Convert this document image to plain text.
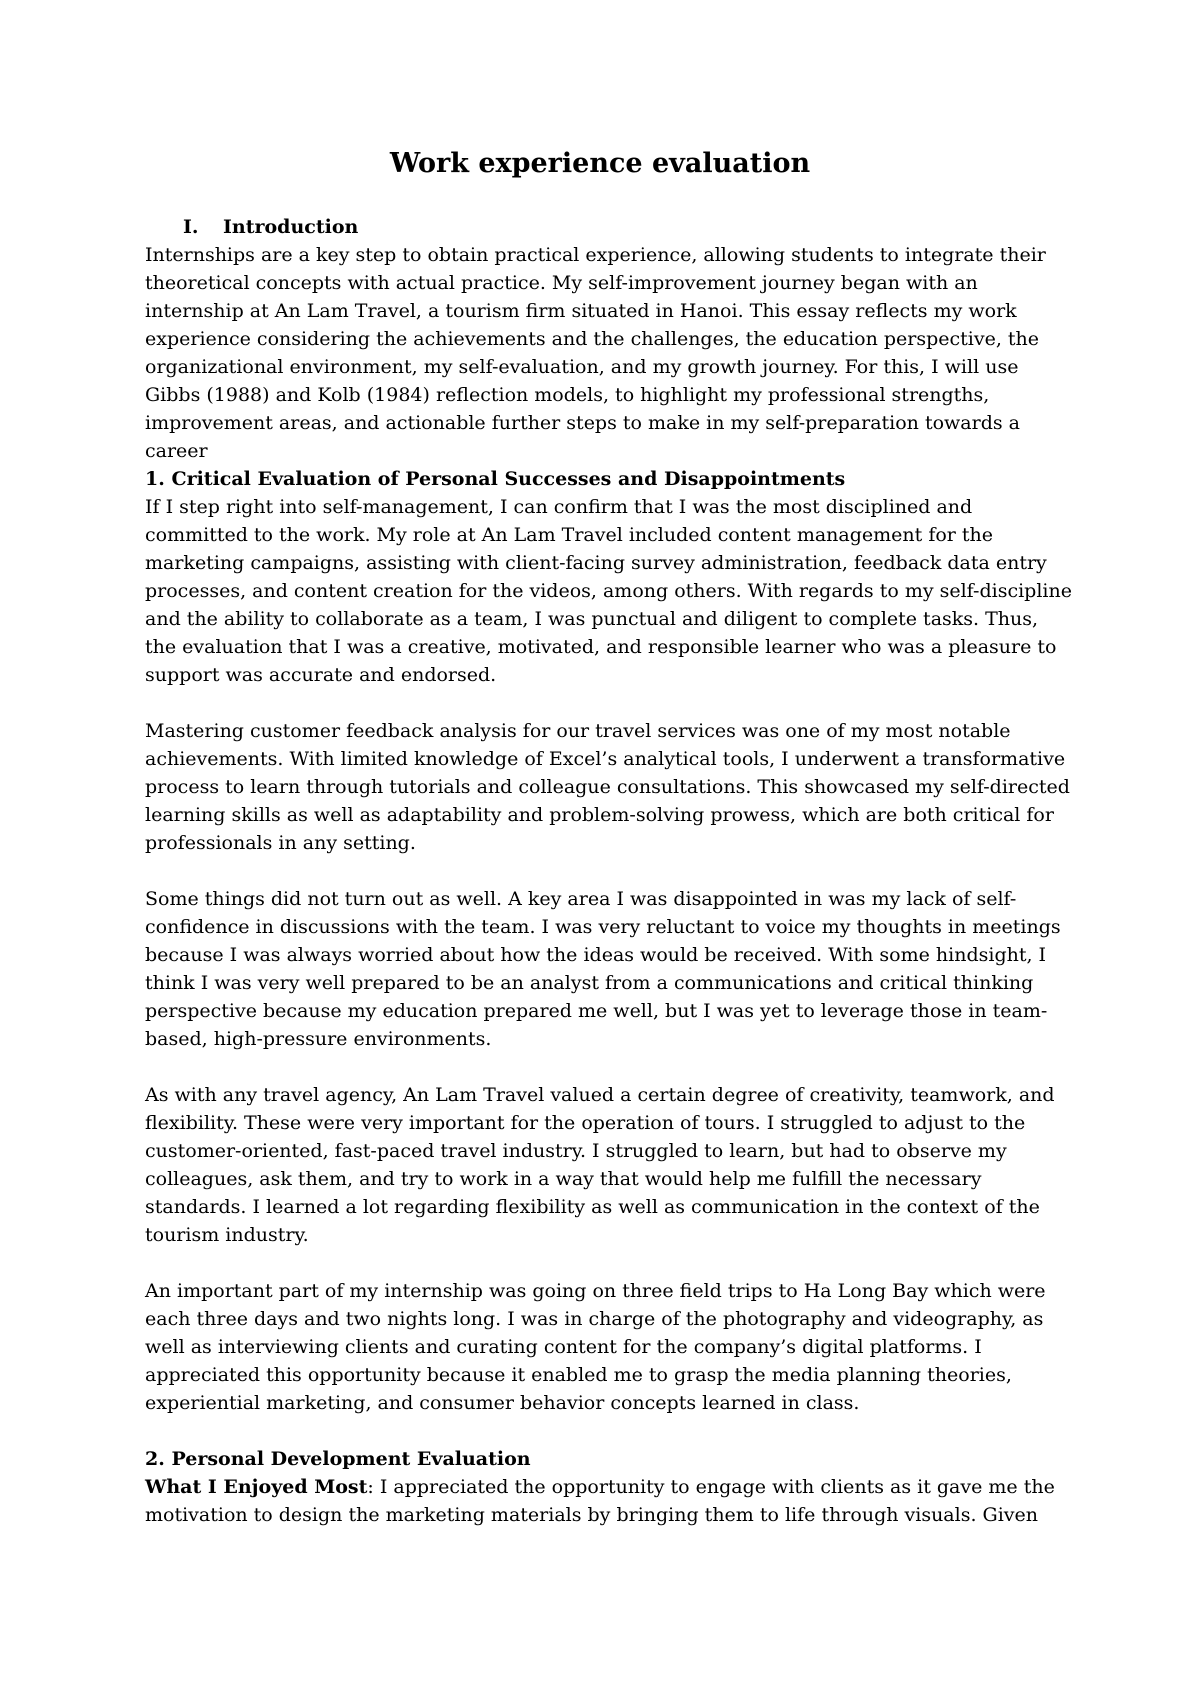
Work experience evaluation
I.	Introduction

Internships are a key step to obtain practical experience, allowing students to integrate their theoretical concepts with actual practice. My self-improvement journey began with an internship at An Lam Travel, a tourism firm situated in Hanoi. This essay reflects my work experience considering the achievements and the challenges, the education perspective, the organizational environment, my self-evaluation, and my growth journey. For this, I will use Gibbs (1988) and Kolb (1984) reflection models, to highlight my professional strengths, improvement areas, and actionable further steps to make in my self-preparation towards a career

1. Critical Evaluation of Personal Successes and Disappointments

If I step right into self-management, I can confirm that I was the most disciplined and committed to the work. My role at An Lam Travel included content management for the marketing campaigns, assisting with client-facing survey administration, feedback data entry processes, and content creation for the videos, among others. With regards to my self-discipline and the ability to collaborate as a team, I was punctual and diligent to complete tasks. Thus, the evaluation that I was a creative, motivated, and responsible learner who was a pleasure to support was accurate and endorsed.

Mastering customer feedback analysis for our travel services was one of my most notable achievements. With limited knowledge of Excel’s analytical tools, I underwent a transformative process to learn through tutorials and colleague consultations. This showcased my self-directed learning skills as well as adaptability and problem-solving prowess, which are both critical for professionals in any setting.

Some things did not turn out as well. A key area I was disappointed in was my lack of self-confidence in discussions with the team. I was very reluctant to voice my thoughts in meetings because I was always worried about how the ideas would be received. With some hindsight, I think I was very well prepared to be an analyst from a communications and critical thinking perspective because my education prepared me well, but I was yet to leverage those in team-based, high-pressure environments.

As with any travel agency, An Lam Travel valued a certain degree of creativity, teamwork, and flexibility. These were very important for the operation of tours. I struggled to adjust to the customer-oriented, fast-paced travel industry. I struggled to learn, but had to observe my colleagues, ask them, and try to work in a way that would help me fulfill the necessary standards. I learned a lot regarding flexibility as well as communication in the context of the tourism industry.

An important part of my internship was going on three field trips to Ha Long Bay which were each three days and two nights long. I was in charge of the photography and videography, as well as interviewing clients and curating content for the company’s digital platforms. I appreciated this opportunity because it enabled me to grasp the media planning theories, experiential marketing, and consumer behavior concepts learned in class.

2. Personal Development Evaluation

What I Enjoyed Most: I appreciated the opportunity to engage with clients as it gave me the motivation to design the marketing materials by bringing them to life through visuals. Given
